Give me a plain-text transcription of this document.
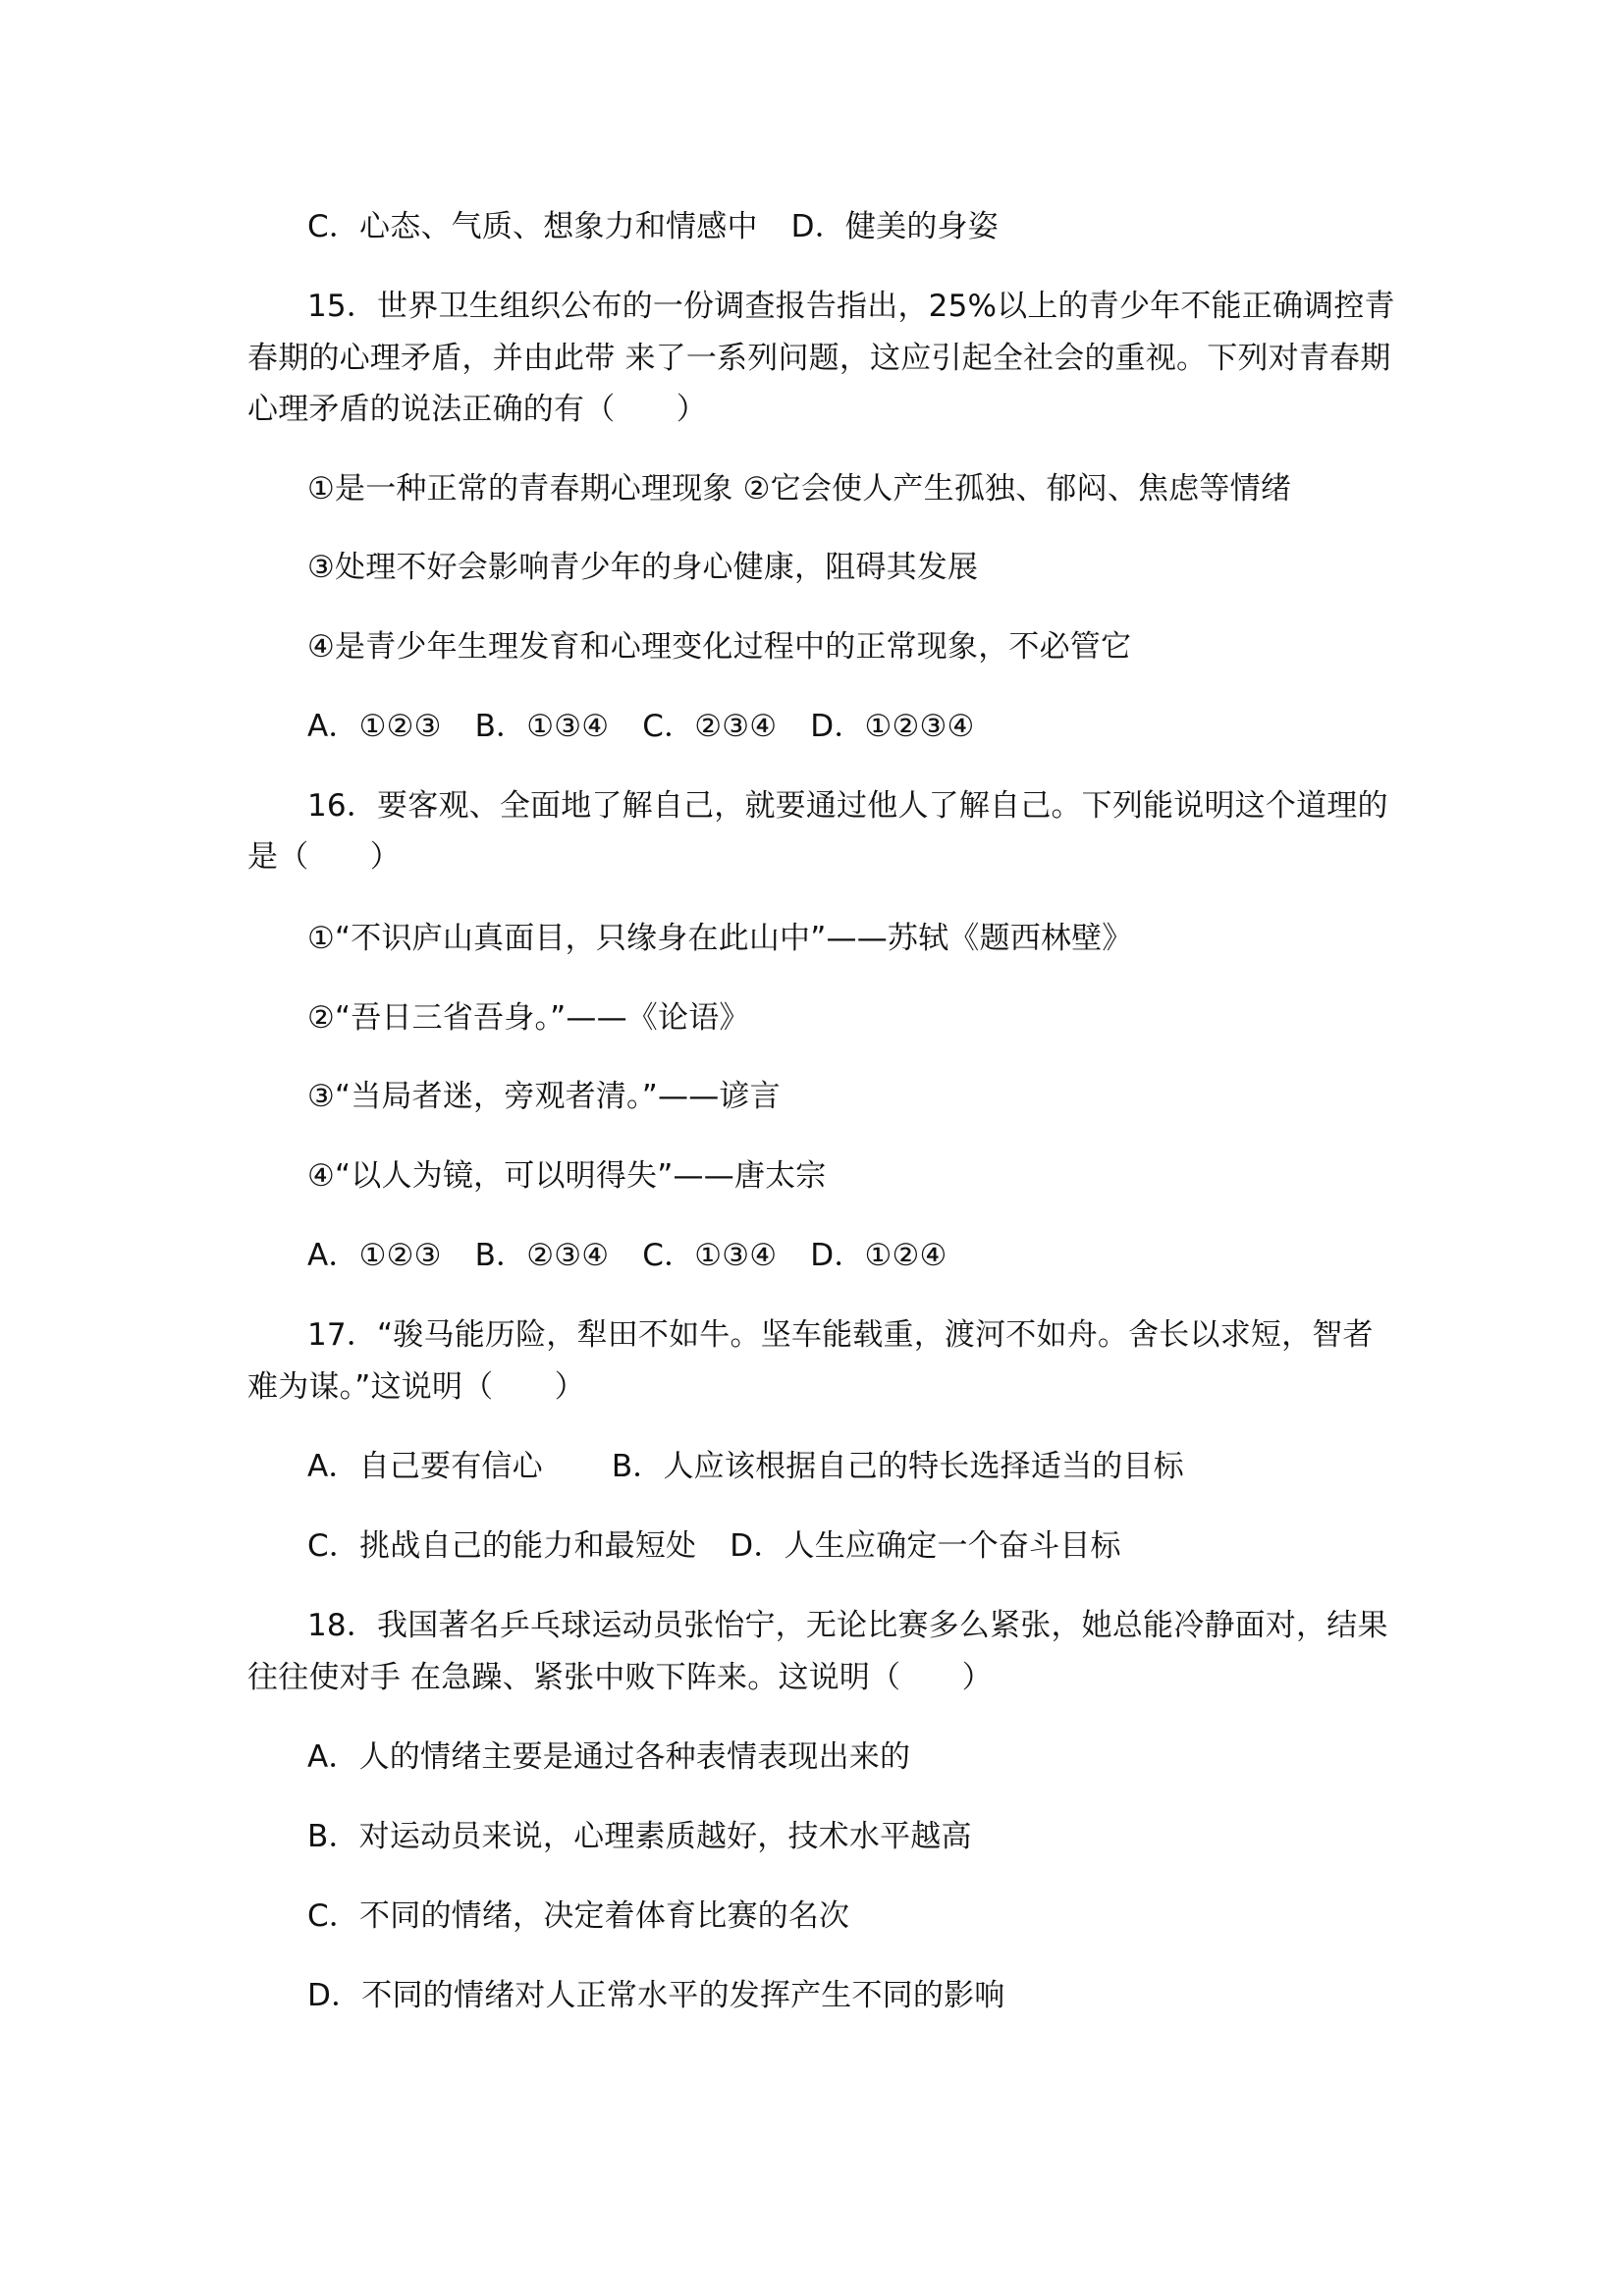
C．心态、气质、想象力和情感中 D．健美的身姿
15．世界卫生组织公布的一份调查报告指出，25%以上的青少年不能正确调控青
春期的心理矛盾，并由此带 来了一系列问题，这应引起全社会的重视。下列对青春期
心理矛盾的说法正确的有（　　）
①是一种正常的青春期心理现象 ②它会使人产生孤独、郁闷、焦虑等情绪
③处理不好会影响青少年的身心健康，阻碍其发展
④是青少年生理发育和心理变化过程中的正常现象，不必管它
A．①②③ B．①③④ C．②③④ D．①②③④
16．要客观、全面地了解自己，就要通过他人了解自己。下列能说明这个道理的
是（　　）
①“不识庐山真面目，只缘身在此山中”——苏轼《题西林壁》
②“吾日三省吾身。”——《论语》
③“当局者迷，旁观者清。”——谚言
④“以人为镜，可以明得失”——唐太宗
A．①②③ B．②③④ C．①③④ D．①②④
17．“骏马能历险，犁田不如牛。坚车能载重，渡河不如舟。舍长以求短，智者
难为谋。”这说明（　　）
A．自己要有信心 B．人应该根据自己的特长选择适当的目标
C．挑战自己的能力和最短处 D．人生应确定一个奋斗目标
18．我国著名乒乓球运动员张怡宁，无论比赛多么紧张，她总能冷静面对，结果
往往使对手 在急躁、紧张中败下阵来。这说明（　　）
A．人的情绪主要是通过各种表情表现出来的
B．对运动员来说，心理素质越好，技术水平越高
C．不同的情绪，决定着体育比赛的名次
D．不同的情绪对人正常水平的发挥产生不同的影响
